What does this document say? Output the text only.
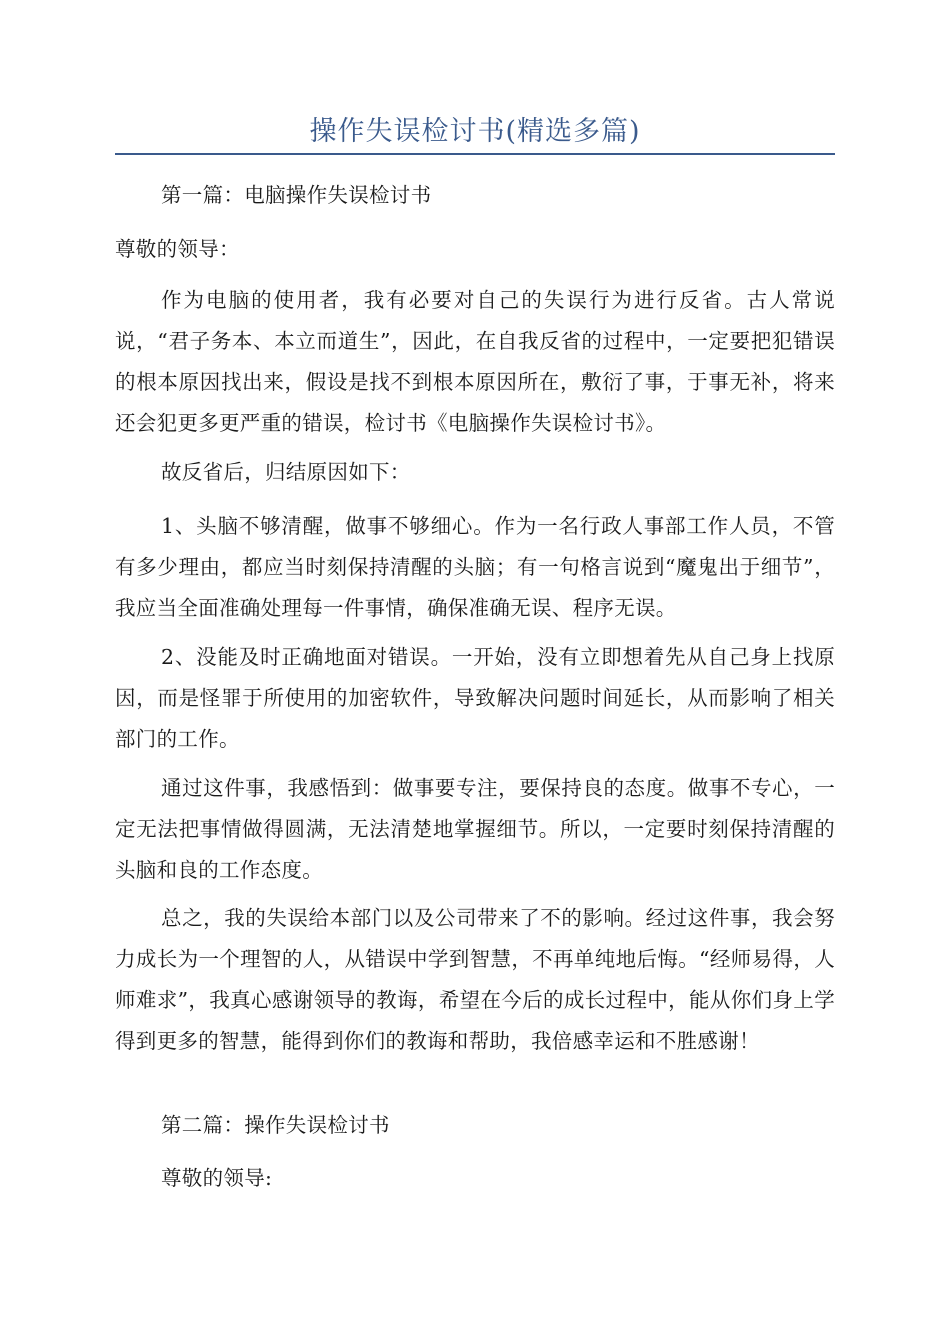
操作失误检讨书(精选多篇)

第一篇：电脑操作失误检讨书

尊敬的领导：

作为电脑的使用者，我有必要对自己的失误行为进行反省。古人常说说，“君子务本、本立而道生”，因此，在自我反省的过程中，一定要把犯错误的根本原因找出来，假设是找不到根本原因所在，敷衍了事，于事无补，将来还会犯更多更严重的错误，检讨书《电脑操作失误检讨书》。

故反省后，归结原因如下：

1、头脑不够清醒，做事不够细心。作为一名行政人事部工作人员，不管有多少理由，都应当时刻保持清醒的头脑；有一句格言说到“魔鬼出于细节”，我应当全面准确处理每一件事情，确保准确无误、程序无误。

2、没能及时正确地面对错误。一开始，没有立即想着先从自己身上找原因，而是怪罪于所使用的加密软件，导致解决问题时间延长，从而影响了相关部门的工作。

通过这件事，我感悟到：做事要专注，要保持良的态度。做事不专心，一定无法把事情做得圆满，无法清楚地掌握细节。所以，一定要时刻保持清醒的头脑和良的工作态度。

总之，我的失误给本部门以及公司带来了不的影响。经过这件事，我会努力成长为一个理智的人，从错误中学到智慧，不再单纯地后悔。“经师易得，人师难求”，我真心感谢领导的教诲，希望在今后的成长过程中，能从你们身上学得到更多的智慧，能得到你们的教诲和帮助，我倍感幸运和不胜感谢！

第二篇：操作失误检讨书

尊敬的领导:
